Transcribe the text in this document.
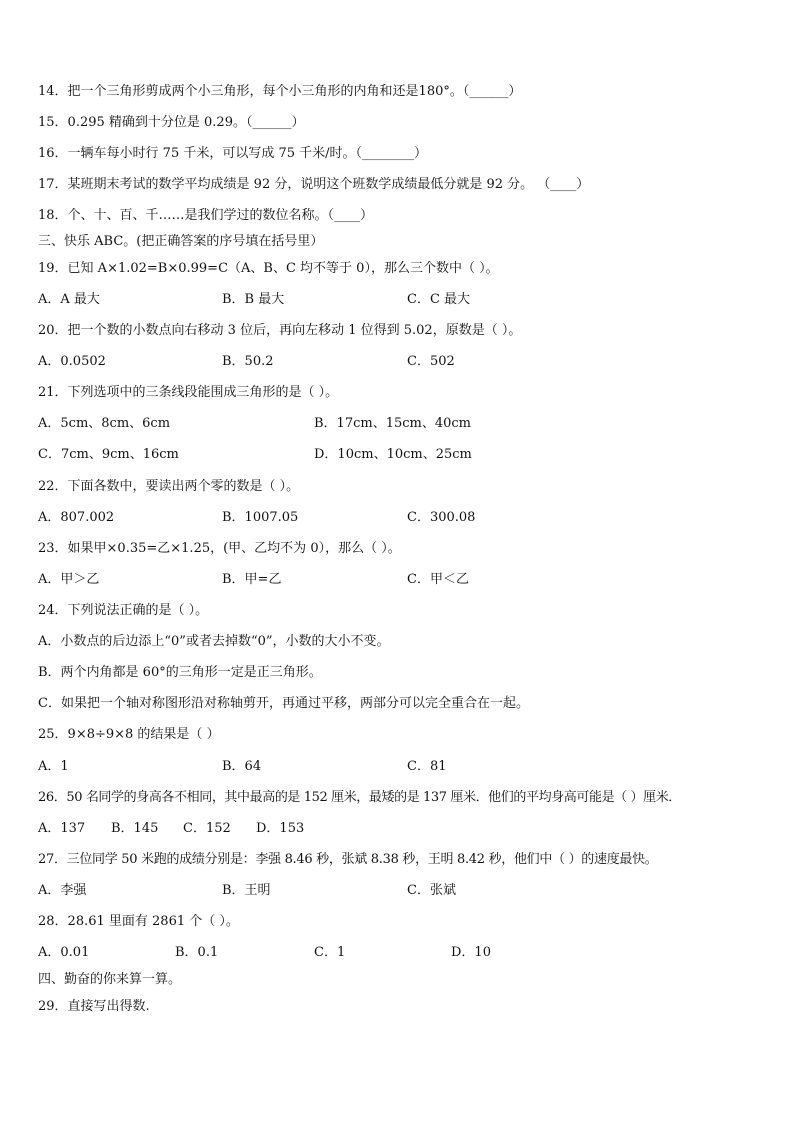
14．把一个三角形剪成两个小三角形，每个小三角形的内角和还是180°。（______）
15．0.295 精确到十分位是 0.29。（______）
16．一辆车每小时行 75 千米，可以写成 75 千米/时。（________）
17．某班期末考试的数学平均成绩是 92 分，说明这个班数学成绩最低分就是 92 分。 （____）
18．个、十、百、千……是我们学过的数位名称。（____）
三、快乐 ABC。(把正确答案的序号填在括号里）
19．已知 A×1.02=B×0.99=C（A、B、C 均不等于 0），那么三个数中（ ）。
A．A 最大	B．B 最大	C．C 最大
20．把一个数的小数点向右移动 3 位后，再向左移动 1 位得到 5.02，原数是（ ）。
A．0.0502	B．50.2	C．502
21．下列选项中的三条线段能围成三角形的是（ ）。
A．5cm、8cm、6cm	B．17cm、15cm、40cm
C．7cm、9cm、16cm	D．10cm、10cm、25cm
22．下面各数中，要读出两个零的数是（ ）。
A．807.002	B．1007.05	C．300.08
23．如果甲×0.35=乙×1.25，(甲、乙均不为 0），那么（ ）。
A．甲＞乙	B．甲=乙	C．甲＜乙
24．下列说法正确的是（ ）。
A．小数点的后边添上“0”或者去掉数“0”，小数的大小不变。
B．两个内角都是 60°的三角形一定是正三角形。
C．如果把一个轴对称图形沿对称轴剪开，再通过平移，两部分可以完全重合在一起。
25．9×8÷9×8 的结果是（ ）
A．1	B．64	C．81
26．50 名同学的身高各不相同，其中最高的是 152 厘米，最矮的是 137 厘米．他们的平均身高可能是（ ）厘米．
A．137 B．145 C．152 D．153
27．三位同学 50 米跑的成绩分别是：李强 8.46 秒，张斌 8.38 秒，王明 8.42 秒，他们中（ ）的速度最快。
A．李强	B．王明	C．张斌
28．28.61 里面有 2861 个（ ）。
A．0.01	B．0.1	C．1	D．10
四、勤奋的你来算一算。
29．直接写出得数.
